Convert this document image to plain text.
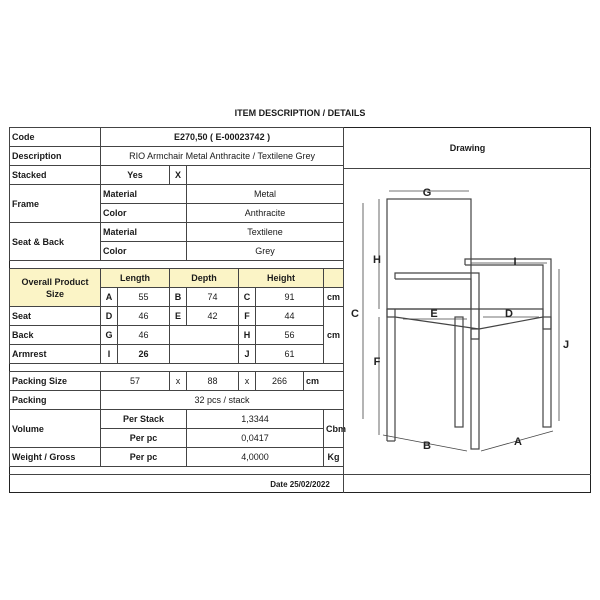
ITEM DESCRIPTION / DETAILS
Code	E270,50 ( E-00023742 )							
Description	RIO Armchair Metal Anthracite / Textilene Grey							
Stacked	Yes		X					
Frame	Material			Metal				
	Color			Anthracite				
Seat & Back	Material			Textilene				
	Color			Grey				

Overall Product Size	Length		Depth		Height			
	A	55	B	74	C	91		cm
Seat	D	46	E	42	F	44		cm
Back	G	46			H	56		
Armrest	I	26			J	61		

Packing Size	57		x	88	x	266	cm	
Packing	32 pcs / stack							
Volume	Per Stack			1,3344				Cbm
	Per pc			0,0417				
Weight / Gross	Per pc			4,0000				Kg
Drawing
G
H
C
F
E	D
I
J
B	A
Date 25/02/2022
